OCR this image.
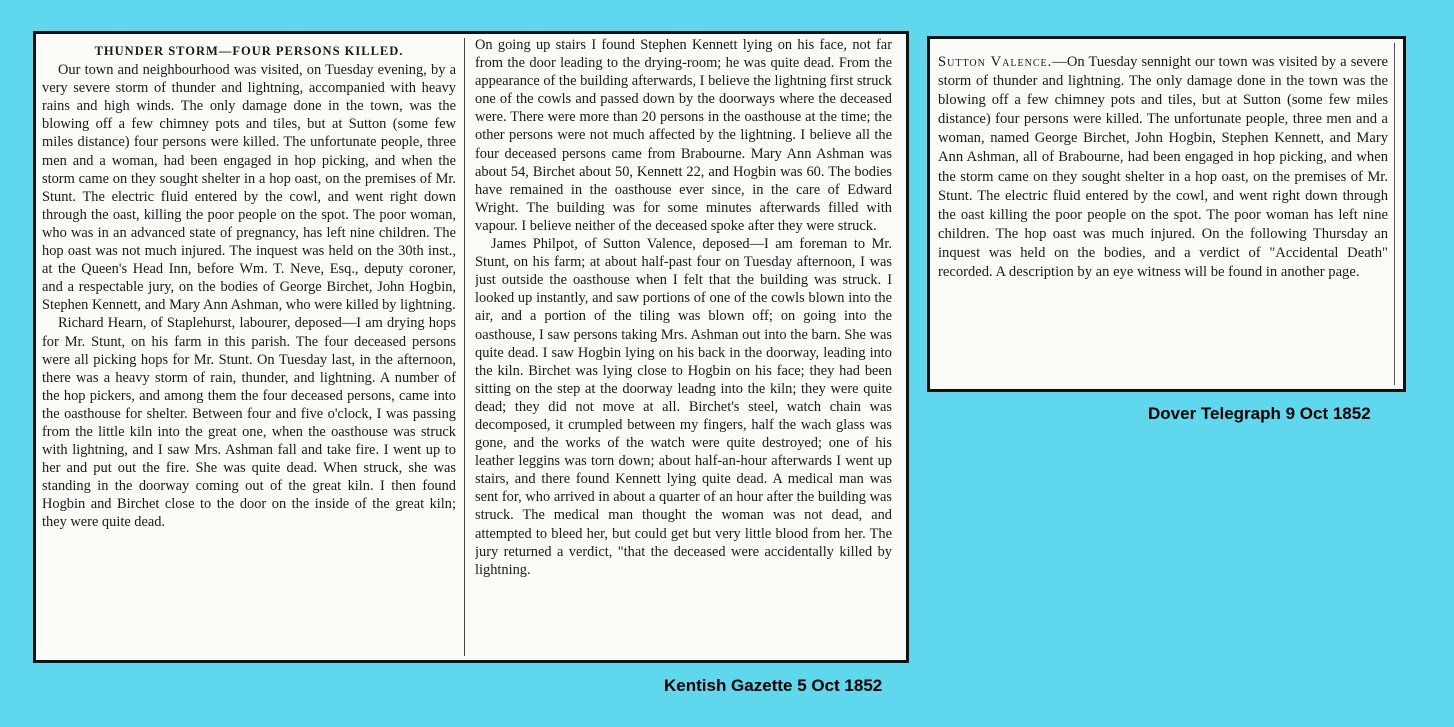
THUNDER STORM—FOUR PERSONS KILLED.

Our town and neighbourhood was visited, on Tuesday evening, by a very severe storm of thunder and lightning, accompanied with heavy rains and high winds. The only damage done in the town, was the blowing off a few chimney pots and tiles, but at Sutton (some few miles distance) four persons were killed. The unfortunate people, three men and a woman, had been engaged in hop picking, and when the storm came on they sought shelter in a hop oast, on the premises of Mr. Stunt. The electric fluid entered by the cowl, and went right down through the oast, killing the poor people on the spot. The poor woman, who was in an advanced state of pregnancy, has left nine children. The hop oast was not much injured. The inquest was held on the 30th inst., at the Queen's Head Inn, before Wm. T. Neve, Esq., deputy coroner, and a respectable jury, on the bodies of George Birchet, John Hogbin, Stephen Kennett, and Mary Ann Ashman, who were killed by lightning.

Richard Hearn, of Staplehurst, labourer, deposed—I am drying hops for Mr. Stunt, on his farm in this parish. The four deceased persons were all picking hops for Mr. Stunt. On Tuesday last, in the afternoon, there was a heavy storm of rain, thunder, and lightning. A number of the hop pickers, and among them the four deceased persons, came into the oasthouse for shelter. Between four and five o'clock, I was passing from the little kiln into the great one, when the oasthouse was struck with lightning, and I saw Mrs. Ashman fall and take fire. I went up to her and put out the fire. She was quite dead. When struck, she was standing in the doorway coming out of the great kiln. I then found Hogbin and Birchet close to the door on the inside of the great kiln; they were quite dead.

On going up stairs I found Stephen Kennett lying on his face, not far from the door leading to the drying-room; he was quite dead. From the appearance of the building afterwards, I believe the lightning first struck one of the cowls and passed down by the doorways where the deceased were. There were more than 20 persons in the oasthouse at the time; the other persons were not much affected by the lightning. I believe all the four deceased persons came from Brabourne. Mary Ann Ashman was about 54, Birchet about 50, Kennett 22, and Hogbin was 60. The bodies have remained in the oasthouse ever since, in the care of Edward Wright. The building was for some minutes afterwards filled with vapour. I believe neither of the deceased spoke after they were struck.

James Philpot, of Sutton Valence, deposed—I am foreman to Mr. Stunt, on his farm; at about half-past four on Tuesday afternoon, I was just outside the oasthouse when I felt that the building was struck. I looked up instantly, and saw portions of one of the cowls blown into the air, and a portion of the tiling was blown off; on going into the oasthouse, I saw persons taking Mrs. Ashman out into the barn. She was quite dead. I saw Hogbin lying on his back in the doorway, leading into the kiln. Birchet was lying close to Hogbin on his face; they had been sitting on the step at the doorway leadng into the kiln; they were quite dead; they did not move at all. Birchet's steel, watch chain was decomposed, it crumpled between my fingers, half the wach glass was gone, and the works of the watch were quite destroyed; one of his leather leggins was torn down; about half-an-hour afterwards I went up stairs, and there found Kennett lying quite dead. A medical man was sent for, who arrived in about a quarter of an hour after the building was struck. The medical man thought the woman was not dead, and attempted to bleed her, but could get but very little blood from her. The jury returned a verdict, "that the deceased were accidentally killed by lightning.

Kentish Gazette 5 Oct 1852
Sutton Valence.—On Tuesday sennight our town was visited by a severe storm of thunder and lightning. The only damage done in the town was the blowing off a few chimney pots and tiles, but at Sutton (some few miles distance) four persons were killed. The unfortunate people, three men and a woman, named George Birchet, John Hogbin, Stephen Kennett, and Mary Ann Ashman, all of Brabourne, had been engaged in hop picking, and when the storm came on they sought shelter in a hop oast, on the premises of Mr. Stunt. The electric fluid entered by the cowl, and went right down through the oast killing the poor people on the spot. The poor woman has left nine children. The hop oast was much injured. On the following Thursday an inquest was held on the bodies, and a verdict of "Accidental Death" recorded. A description by an eye witness will be found in another page.
Dover Telegraph 9 Oct 1852
